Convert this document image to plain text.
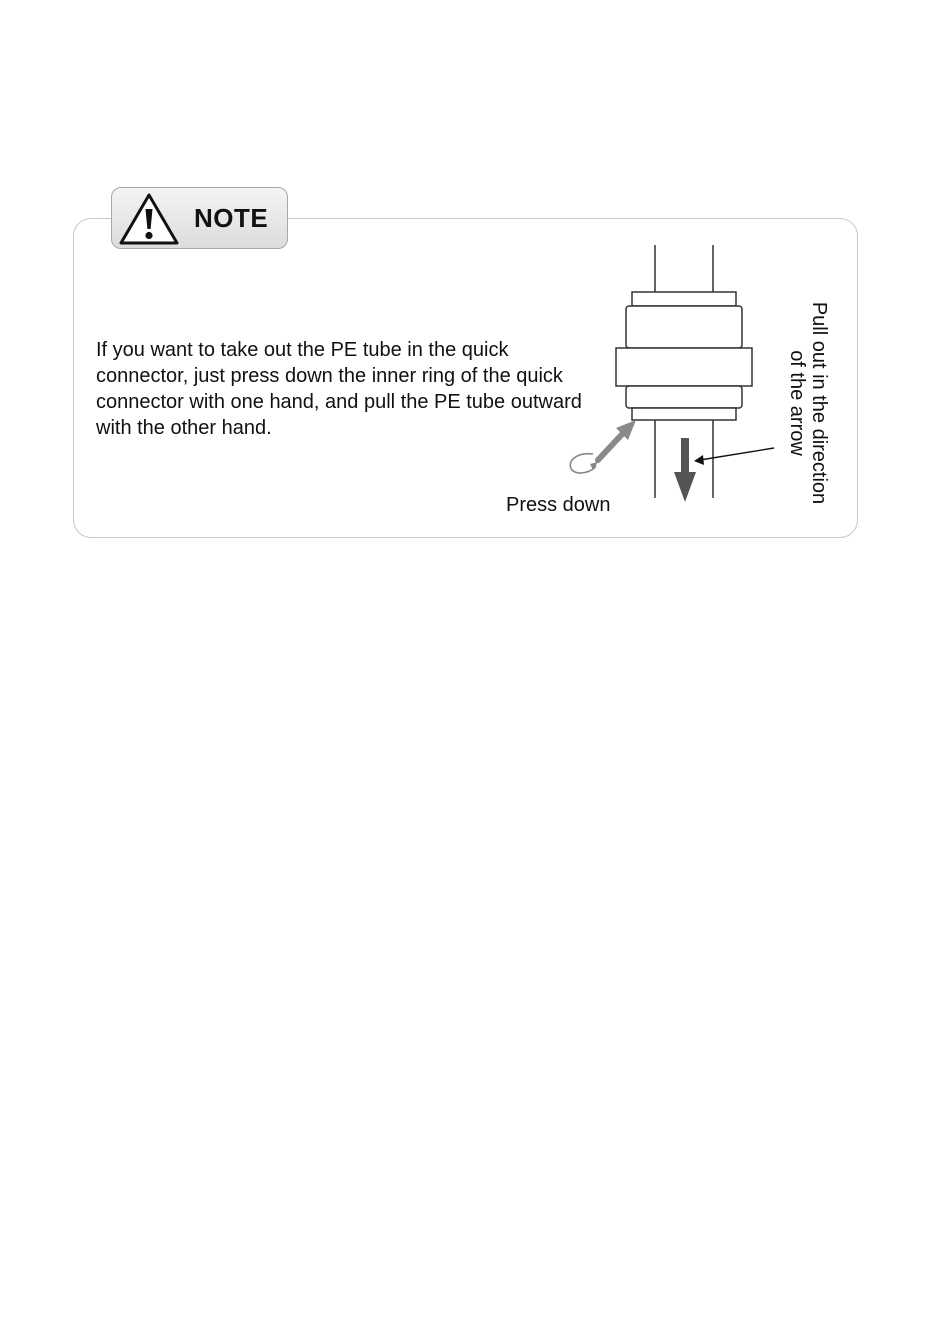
NOTE

If you want to take out the PE tube in the quick connector, just press down the inner ring of the quick connector with one hand, and pull the PE tube outward with the other hand.

Press down
Pull out in the direction
of the arrow
